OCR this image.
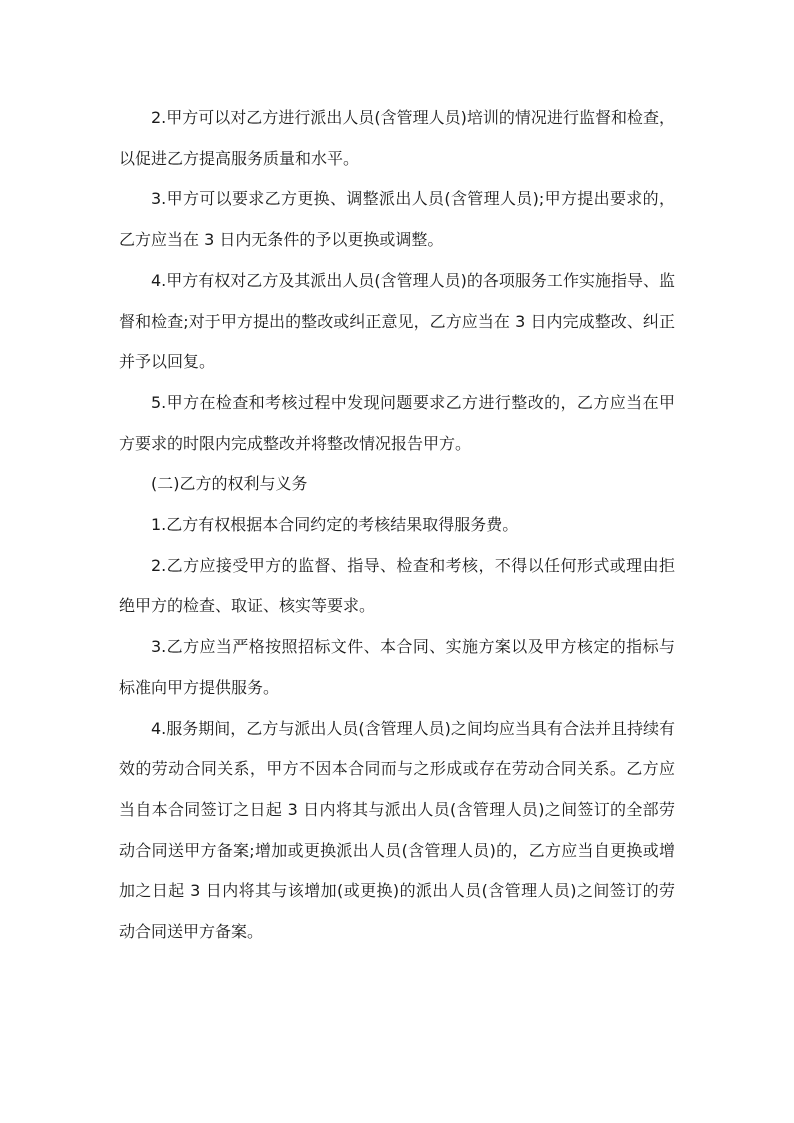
2.甲方可以对乙方进行派出人员(含管理人员)培训的情况进行监督和检查，以促进乙方提高服务质量和水平。

3.甲方可以要求乙方更换、调整派出人员(含管理人员);甲方提出要求的，乙方应当在 3 日内无条件的予以更换或调整。

4.甲方有权对乙方及其派出人员(含管理人员)的各项服务工作实施指导、监督和检查;对于甲方提出的整改或纠正意见，乙方应当在 3 日内完成整改、纠正并予以回复。

5.甲方在检查和考核过程中发现问题要求乙方进行整改的，乙方应当在甲方要求的时限内完成整改并将整改情况报告甲方。

(二)乙方的权利与义务

1.乙方有权根据本合同约定的考核结果取得服务费。

2.乙方应接受甲方的监督、指导、检查和考核，不得以任何形式或理由拒绝甲方的检查、取证、核实等要求。

3.乙方应当严格按照招标文件、本合同、实施方案以及甲方核定的指标与标准向甲方提供服务。

4.服务期间，乙方与派出人员(含管理人员)之间均应当具有合法并且持续有效的劳动合同关系，甲方不因本合同而与之形成或存在劳动合同关系。乙方应当自本合同签订之日起 3 日内将其与派出人员(含管理人员)之间签订的全部劳动合同送甲方备案;增加或更换派出人员(含管理人员)的，乙方应当自更换或增加之日起 3 日内将其与该增加(或更换)的派出人员(含管理人员)之间签订的劳动合同送甲方备案。
